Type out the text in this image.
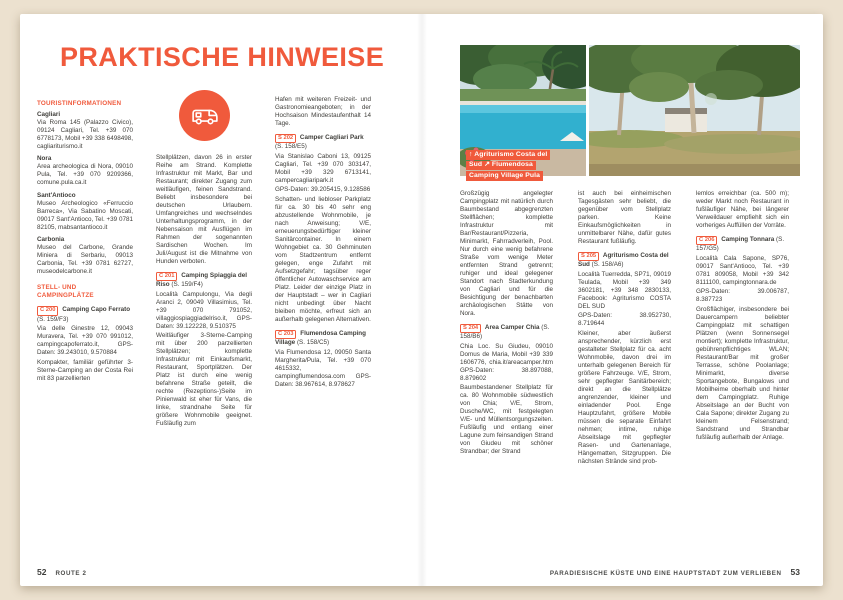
PRAKTISCHE HINWEISE
TOURISTINFORMATIONEN
Cagliari
Via Roma 145 (Palazzo Civico), 09124 Cagliari, Tel. +39 070 6778173, Mobil +39 338 6498498, cagliariturismo.it
Nora
Area archeologica di Nora, 09010 Pula, Tel. +39 070 9209366, comune.pula.ca.it
Sant'Antioco
Museo Archeologico «Ferruccio Barreca», Via Sabatino Moscati, 09017 Sant'Antioco, Tel. +39 0781 82105, mabsantantioco.it
Carbonia
Museo del Carbone, Grande Miniera di Serbariu, 09013 Carbonia, Tel. +39 0781 62727, museodelcarbone.it
STELL- UND CAMPINGPLÄTZE
C 200 Camping Capo Ferrato (S. 159/F3)
Via delle Ginestre 12, 09043 Muravera, Tel. +39 070 991012, campingcapoferrato.it, GPS-Daten: 39.243010, 9.570884
Kompakter, familiär geführter 3-Sterne-Camping an der Costa Rei mit 83 parzellierten
Stellplätzen, davon 26 in erster Reihe am Strand. Komplette Infrastruktur mit Markt, Bar und Restaurant; direkter Zugang zum weitläufigen, feinen Sandstrand. Beliebt insbesondere bei deutschen Urlaubern. Umfangreiches und wechselndes Unterhaltungsprogramm, in der Nebensaison mit Ausflügen im Rahmen der sogenannten Sardischen Wochen. Im Juli/August ist die Mitnahme von Hunden verboten.
C 201 Camping Spiaggia del Riso (S. 159/F4)
Località Campulongu, Via degli Aranci 2, 09049 Villasimius, Tel. +39 070 791052, villaggiospiaggiadelriso.it, GPS-Daten: 39.122228, 9.510375
Weitläufiger 3-Sterne-Camping mit über 200 parzellierten Stellplätzen; komplette Infrastruktur mit Einkaufsmarkt, Restaurant, Sportplätzen. Der Platz ist durch eine wenig befahrene Straße geteilt, die rechte (Rezeptions-)Seite im Pinienwald ist eher für Vans, die linke, strandnahe Seite für größere Wohnmobile geeignet. Fußläufig zum
Hafen mit weiteren Freizeit- und Gastronomieangeboten; in der Hochsaison Mindestaufenthalt 14 Tage.
S 202 Camper Cagliari Park (S. 158/E5)
Via Stanislao Caboni 13, 09125 Cagliari, Tel. +39 070 303147, Mobil +39 329 6713141, campercagliaripark.it
GPS-Daten: 39.205415, 9.128586
Schatten- und liebloser Parkplatz für ca. 30 bis 40 sehr eng abzustellende Wohnmobile, je nach Anweisung; V/E, erneuerungsbedürftiger kleiner Sanitärcontainer. In einem Wohngebiet ca. 30 Gehminuten vom Stadtzentrum entfernt gelegen, enge Zufahrt mit Aufsetzgefahr; tagsüber reger öffentlicher Autowaschservice am Platz. Leider der einzige Platz in der Hauptstadt – wer in Cagliari nicht unbedingt über Nacht bleiben möchte, erfreut sich an außerhalb gelegenen Alternativen.
C 203 Flumendosa Camping Village (S. 158/C5)
Via Flumendosa 12, 09050 Santa Margherita/Pula, Tel. +39 070 4615332, campingflumendosa.com GPS-Daten: 38.967614, 8.978627
52 ROUTE 2
↑ Agriturismo Costa del
Sud ↗ Flumendosa
Camping Village Pula
Großzügig angelegter Campingplatz mit natürlich durch Baumbestand abgegrenzten Stellflächen; komplette Infrastruktur mit Bar/Restaurant/Pizzeria, Minimarkt, Fahrradverleih, Pool. Nur durch eine wenig befahrene Straße vom wenige Meter entfernten Strand getrennt; ruhiger und ideal gelegener Standort nach Stadterkundung von Cagliari und für die Besichtigung der benachbarten archäologischen Stätte von Nora.
S 204 Area Camper Chia (S. 158/B6)
Chia Loc. Su Giudeu, 09010 Domus de Maria, Mobil +39 339 1606776, chia.it/areacamper.htm GPS-Daten: 38.897088, 8.879602
Baumbestandener Stellplatz für ca. 80 Wohnmobile südwestlich von Chia; V/E, Strom, Dusche/WC, mit festgelegten V/E- und Müllentsorgungszeiten. Fußläufig und entlang einer Lagune zum feinsandigen Strand von Giudeu mit schöner Strandbar; der Strand
ist auch bei einheimischen Tagesgästen sehr beliebt, die gegenüber vom Stellplatz parken. Keine Einkaufsmöglichkeiten in unmittelbarer Nähe, dafür gutes Restaurant fußläufig.
S 205 Agriturismo Costa del Sud (S. 158/A6)
Località Tuerredda, SP71, 09019 Teulada, Mobil +39 349 3602181, +39 348 2830133, Facebook: Agriturismo COSTA DEL SUD
GPS-Daten: 38.952730, 8.719644
Kleiner, aber äußerst ansprechender, kürzlich erst gestalteter Stellplatz für ca. acht Wohnmobile, davon drei im unterhalb gelegenen Bereich für größere Fahrzeuge. V/E, Strom, sehr gepflegter Sanitärbereich; direkt an die Stellplätze angrenzender, kleiner und einladender Pool. Enge Hauptzufahrt, größere Mobile müssen die separate Einfahrt nehmen; intime, ruhige Abseitslage mit gepflegter Rasen- und Gartenanlage, Hängematten, Sitzgruppen. Die nächsten Strände sind prob-
lemlos erreichbar (ca. 500 m); weder Markt noch Restaurant in fußläufiger Nähe, bei längerer Verweildauer empfiehlt sich ein vorheriges Auffüllen der Vorräte.
C 206 Camping Tonnara (S. 157/G5)
Località Cala Sapone, SP76, 09017 Sant'Antioco, Tel. +39 0781 809058, Mobil +39 342 8111100, campingtonnara.de
GPS-Daten: 39.006787, 8.387723
Großflächiger, insbesondere bei Dauercampern beliebter Campingplatz mit schattigen Plätzen (wenn Sonnensegel montiert); komplette Infrastruktur, gebührenpflichtiges WLAN; Restaurant/Bar mit großer Terrasse, schöne Poolanlage; Minimarkt, diverse Sportangebote, Bungalows und Mobilheime oberhalb und hinter dem Campingplatz. Ruhige Abseitslage an der Bucht von Cala Sapone; direkter Zugang zu kleinem Felsenstrand; Sandstrand und Strandbar fußläufig außerhalb der Anlage.
PARADIESISCHE KÜSTE UND EINE HAUPTSTADT ZUM VERLIEBEN 53
